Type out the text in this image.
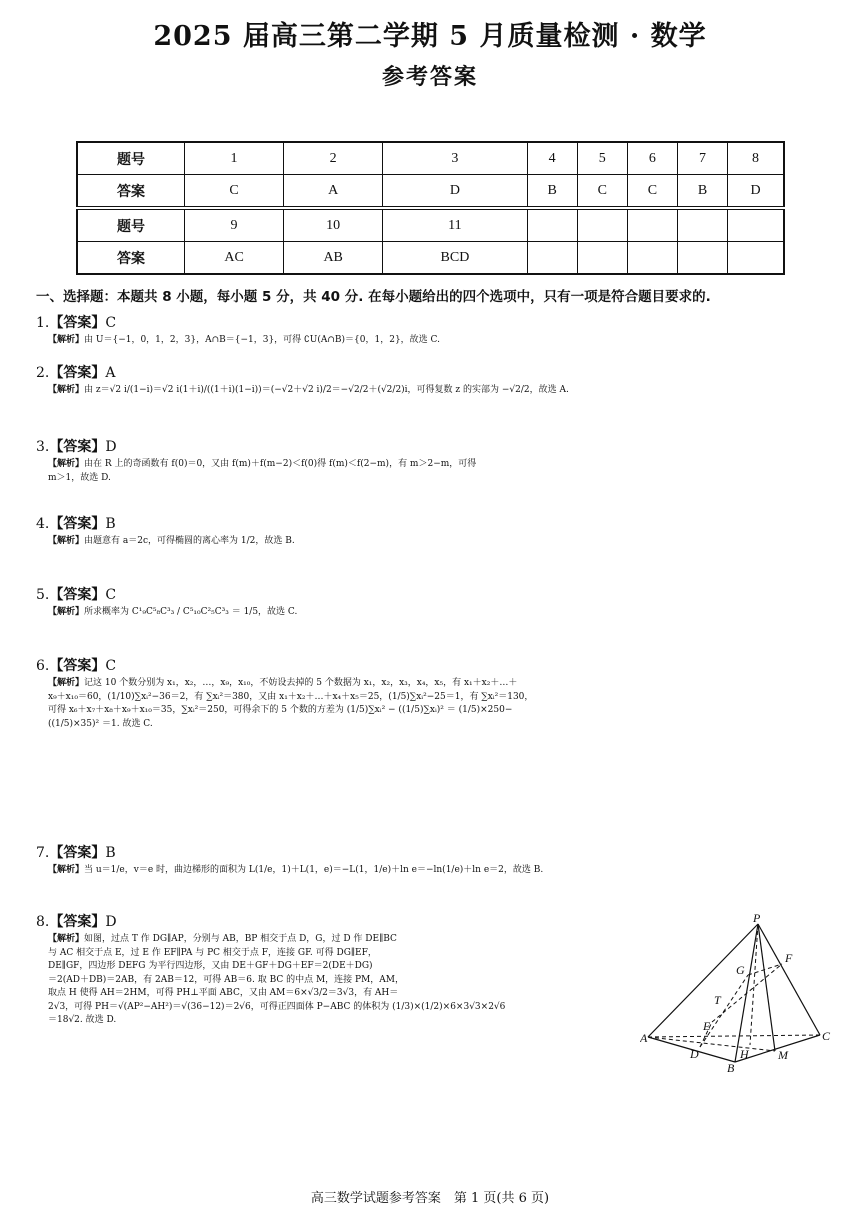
2025 届高三第二学期 5 月质量检测 · 数学
参考答案
题号	1	2	3	4	5	6	7	8
答案	C	A	D	B	C	C	B	D
题号	9	10	11					
答案	AC	AB	BCD					
一、选择题：本题共 8 小题，每小题 5 分，共 40 分. 在每小题给出的四个选项中，只有一项是符合题目要求的.
1.【答案】C
【解析】由 U＝{−1，0，1，2，3}，A∩B＝{−1，3}，可得 ∁U(A∩B)＝{0，1，2}，故选 C.
2.【答案】A
【解析】由 z＝√2 i/(1−i)＝√2 i(1＋i)/((1＋i)(1−i))＝(−√2＋√2 i)/2＝−√2/2＋(√2/2)i，可得复数 z 的实部为 −√2/2，故选 A.
3.【答案】D
【解析】由在 R 上的奇函数有 f(0)＝0，又由 f(m)＋f(m−2)＜f(0)得 f(m)＜f(2−m)，有 m＞2−m，可得
m＞1，故选 D.
4.【答案】B
【解析】由题意有 a＝2c，可得椭圆的离心率为 1/2，故选 B.
5.【答案】C
【解析】所求概率为 C¹₉C⁵₈C³₃ / C⁵₁₀C²₅C³₃ ＝ 1/5，故选 C.
6.【答案】C
【解析】记这 10 个数分别为 x₁，x₂，…，x₉，x₁₀，不妨设去掉的 5 个数据为 x₁，x₂，x₃，x₄，x₅，有 x₁＋x₂＋…＋
x₉＋x₁₀＝60，(1/10)∑xᵢ²−36＝2，有 ∑xᵢ²＝380，又由 x₁＋x₂＋…＋x₄＋x₅＝25，(1/5)∑xᵢ²−25＝1，有 ∑xᵢ²＝130，
可得 x₆＋x₇＋x₈＋x₉＋x₁₀＝35，∑xᵢ²＝250，可得余下的 5 个数的方差为 (1/5)∑xᵢ² − ((1/5)∑xᵢ)² ＝ (1/5)×250−
((1/5)×35)² ＝1. 故选 C.
7.【答案】B
【解析】当 u＝1/e，v＝e 时，曲边梯形的面积为 L(1/e，1)＋L(1，e)＝−L(1，1/e)＋ln e＝−ln(1/e)＋ln e＝2，故选 B.
8.【答案】D
【解析】如图，过点 T 作 DG∥AP，分别与 AB，BP 相交于点 D，G，过 D 作 DE∥BC
与 AC 相交于点 E，过 E 作 EF∥PA 与 PC 相交于点 F，连接 GF. 可得 DG∥EF，
DE∥GF，四边形 DEFG 为平行四边形，又由 DE＋GF＋DG＋EF＝2(DE＋DG)
＝2(AD＋DB)＝2AB，有 2AB＝12，可得 AB＝6. 取 BC 的中点 M，连接 PM，AM，
取点 H 使得 AH＝2HM，可得 PH⊥平面 ABC，又由 AM＝6×√3/2＝3√3，有 AH＝
2√3，可得 PH＝√(AP²−AH²)＝√(36−12)＝2√6，可得正四面体 P−ABC 的体积为 (1/3)×(1/2)×6×3√3×2√6
＝18√2. 故选 D.
P
A
B
C
D
E
F
G
H M
T
高三数学试题参考答案　第 1 页(共 6 页)
